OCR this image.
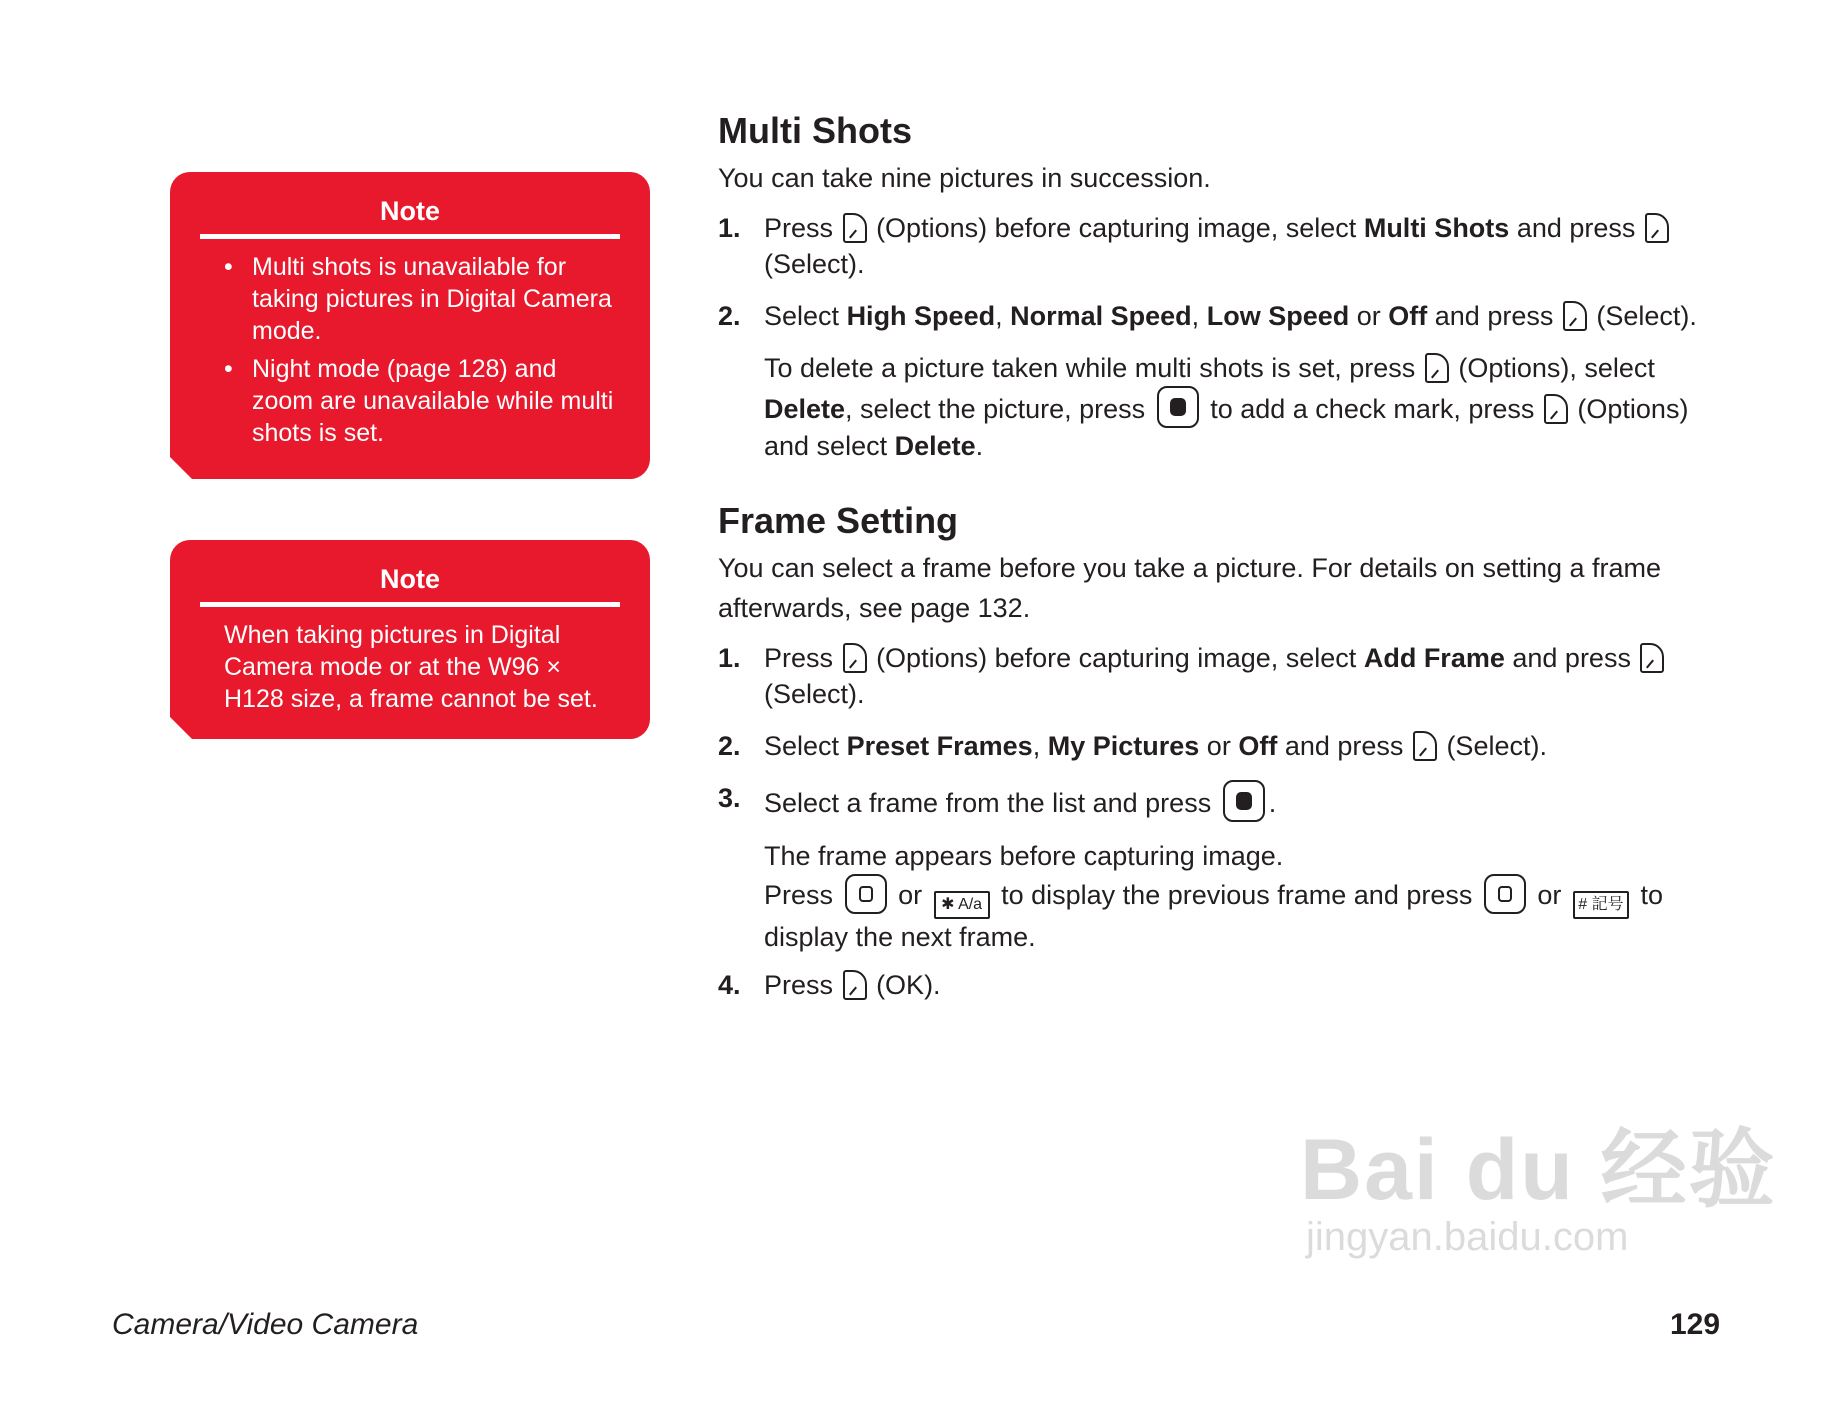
Note
• Multi shots is unavailable for taking pictures in Digital Camera mode.
• Night mode (page 128) and zoom are unavailable while multi shots is set.
Note

When taking pictures in Digital Camera mode or at the W96 × H128 size, a frame cannot be set.

Multi Shots
You can take nine pictures in succession.
1. Press (Options) before capturing image, select Multi Shots and press  (Select).
2. Select High Speed, Normal Speed, Low Speed or Off and press (Select).
To delete a picture taken while multi shots is set, press (Options), select Delete, select the picture, press to add a check mark, press (Options) and select Delete.
Frame Setting
You can select a frame before you take a picture. For details on setting a frame afterwards, see page 132.
1. Press (Options) before capturing image, select Add Frame and press  (Select).
2. Select Preset Frames, My Pictures or Off and press (Select).
3. Select a frame from the list and press .
The frame appears before capturing image.
Press or ✱ A/a to display the previous frame and press or # 記号 to display the next frame.
4. Press (OK).
Bai du 经验
jingyan.baidu.com
Camera/Video Camera	129
